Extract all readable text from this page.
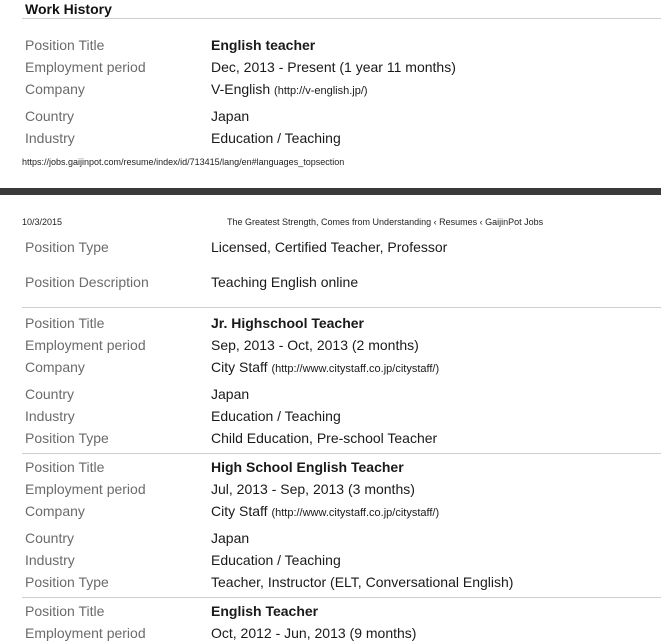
Work History
Position Title	English teacher
Employment period	Dec, 2013 - Present (1 year 11 months)
Company	V-English (http://v-english.jp/)
Country	Japan
Industry	Education / Teaching
https://jobs.gaijinpot.com/resume/index/id/713415/lang/en#languages_topsection
10/3/2015	The Greatest Strength, Comes from Understanding ‹ Resumes ‹ GaijinPot Jobs
Position Type	Licensed, Certified Teacher, Professor
Position Description	Teaching English online
Position Title	Jr. Highschool Teacher
Employment period	Sep, 2013 - Oct, 2013 (2 months)
Company	City Staff (http://www.citystaff.co.jp/citystaff/)
Country	Japan
Industry	Education / Teaching
Position Type	Child Education, Pre-school Teacher
Position Title	High School English Teacher
Employment period	Jul, 2013 - Sep, 2013 (3 months)
Company	City Staff (http://www.citystaff.co.jp/citystaff/)
Country	Japan
Industry	Education / Teaching
Position Type	Teacher, Instructor (ELT, Conversational English)
Position Title	English Teacher
Employment period	Oct, 2012 - Jun, 2013 (9 months)
